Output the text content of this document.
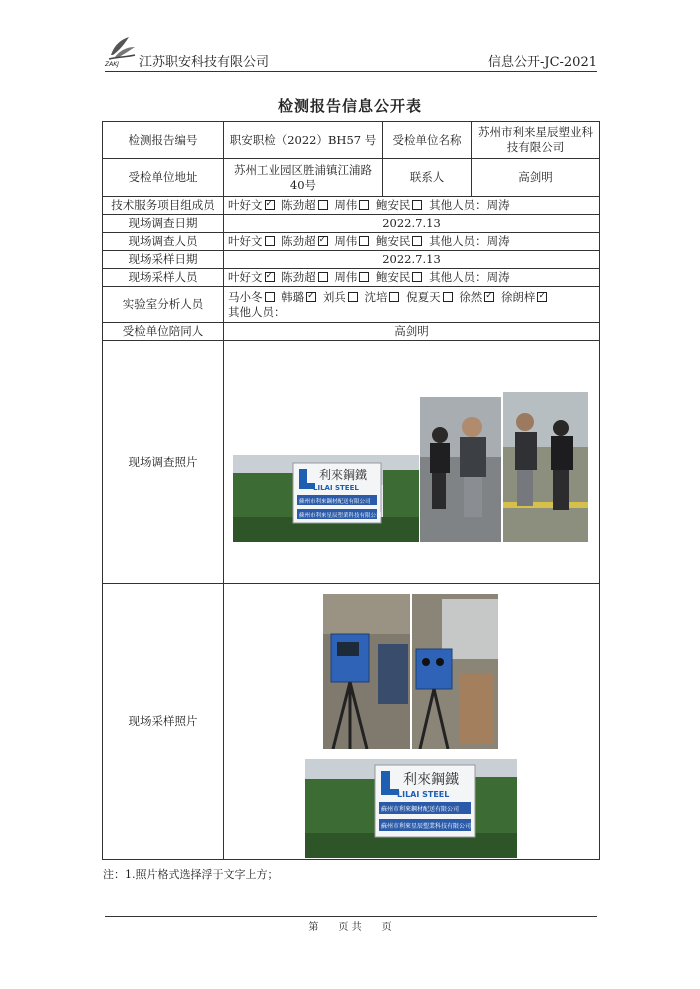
ZAKJ 江苏职安科技有限公司	信息公开-JC-2021
检测报告信息公开表
检测报告编号	职安职检（2022）BH57 号	受检单位名称	苏州市利来星辰塑业科技有限公司
受检单位地址	苏州工业园区胜浦镇江浦路40号	联系人	高剑明
技术服务项目组成员	叶好文 ✓ 陈劲超 周伟 鲍安民 其他人员：周涛
现场调查日期	2022.7.13		
现场调查人员	叶好文 陈劲超 ✓ 周伟 鲍安民 其他人员：周涛
现场采样日期	2022.7.13		
现场采样人员	叶好文 ✓ 陈劲超 周伟 鲍安民 其他人员：周涛
实验室分析人员	马小冬 韩璐 ✓ 刘兵 沈培 倪夏天 徐然 ✓ 徐朗梓✓
其他人员：
受检单位陪同人	高剑明		
现场调查照片			
现场采样照片			
利來鋼鐵
LILAI STEEL
蘇州市利來鋼材配送有限公司
蘇州市利來星辰塑業科技有限公司
利來鋼鐵
LILAI STEEL
蘇州市利來鋼材配送有限公司
蘇州市利來星辰塑業科技有限公司
注：1.照片格式选择浮于文字上方；
第　　页 共　　页
